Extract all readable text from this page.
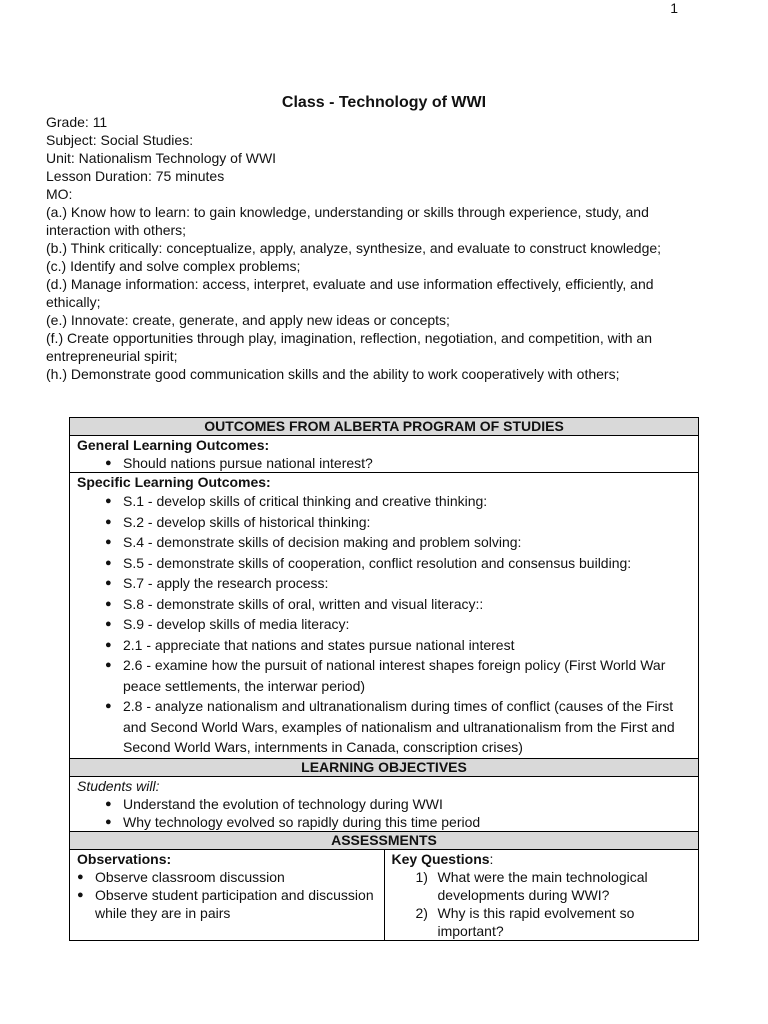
1
Class - Technology of WWI
Grade: 11
Subject: Social Studies:
Unit: Nationalism Technology of WWI
Lesson Duration: 75 minutes
MO:
(a.) Know how to learn: to gain knowledge, understanding or skills through experience, study, and interaction with others;
(b.) Think critically: conceptualize, apply, analyze, synthesize, and evaluate to construct knowledge;
(c.) Identify and solve complex problems;
(d.) Manage information: access, interpret, evaluate and use information effectively, efficiently, and ethically;
(e.) Innovate: create, generate, and apply new ideas or concepts;
(f.) Create opportunities through play, imagination, reflection, negotiation, and competition, with an entrepreneurial spirit;
(h.) Demonstrate good communication skills and the ability to work cooperatively with others;
OUTCOMES FROM ALBERTA PROGRAM OF STUDIES

General Learning Outcomes:
● Should nations pursue national interest?

Specific Learning Outcomes:
● S.1 - develop skills of critical thinking and creative thinking:
● S.2 - develop skills of historical thinking:
● S.4 - demonstrate skills of decision making and problem solving:
● S.5 - demonstrate skills of cooperation, conflict resolution and consensus building:
● S.7 - apply the research process:
● S.8 - demonstrate skills of oral, written and visual literacy::
● S.9 - develop skills of media literacy:
● 2.1 - appreciate that nations and states pursue national interest
● 2.6 - examine how the pursuit of national interest shapes foreign policy (First World War peace settlements, the interwar period)
● 2.8 - analyze nationalism and ultranationalism during times of conflict (causes of the First and Second World Wars, examples of nationalism and ultranationalism from the First and Second World Wars, internments in Canada, conscription crises)

LEARNING OBJECTIVES

Students will:
● Understand the evolution of technology during WWI
● Why technology evolved so rapidly during this time period

ASSESSMENTS

Observations:
● Observe classroom discussion
● Observe student participation and discussion while they are in pairs

Key Questions:
1) What were the main technological developments during WWI?
2) Why is this rapid evolvement so important?
